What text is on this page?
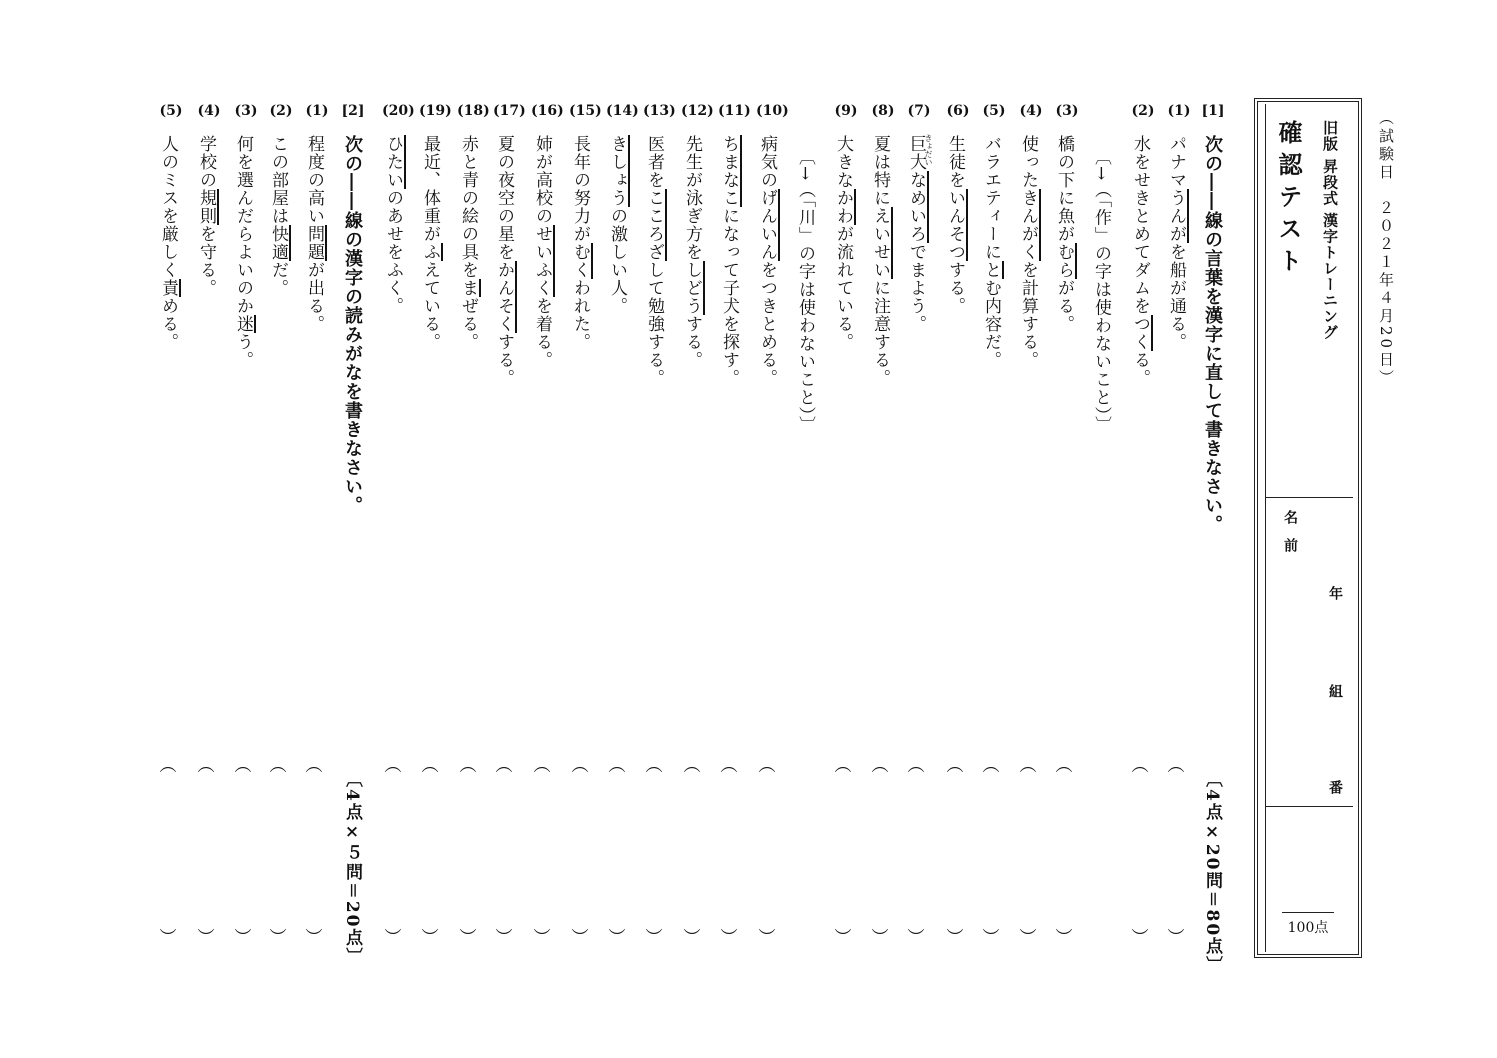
（試験日　２０２１年４月20日）
旧版 昇段式 漢字トレーニング
確認テスト
名前
年
組
番
100点
[1]
次の――線の言葉を漢字に直して書きなさい。
〔4点×20問＝80点〕
(1)
パナマうんがを船が通る。
︵
︶
(2)
水をせきとめてダムをつくる。
︵
︶
〔→（「作」の字は使わないこと）〕
(3)
橋の下に魚がむらがる。
︵
︶
(4)
使ったきんがくを計算する。
︵
︶
(5)
バラエティーにとむ内容だ。
︵
︶
(6)
生徒をいんそつする。
︵
︶
(7)
巨大なめいろでまよう。
きょだい
︵
︶
(8)
夏は特にえいせいに注意する。
︵
︶
(9)
大きなかわが流れている。
︵
︶
〔→（「川」の字は使わないこと）〕
(10)
病気のげんいんをつきとめる。
︵
︶
(11)
ちまなこになって子犬を探す。
︵
︶
(12)
先生が泳ぎ方をしどうする。
︵
︶
(13)
医者をこころざして勉強する。
︵
︶
(14)
きしょうの激しい人。
︵
︶
(15)
長年の努力がむくわれた。
︵
︶
(16)
姉が高校のせいふくを着る。
︵
︶
(17)
夏の夜空の星をかんそくする。
︵
︶
(18)
赤と青の絵の具をまぜる。
︵
︶
(19)
最近、体重がふえている。
︵
︶
(20)
ひたいのあせをふく。
︵
︶
[2]
次の――線の漢字の読みがなを書きなさい。
〔4点×５問＝20点〕
(1)
程度の高い問題が出る。
︵
︶
(2)
この部屋は快適だ。
︵
︶
(3)
何を選んだらよいのか迷う。
︵
︶
(4)
学校の規則を守る。
︵
︶
(5)
人のミスを厳しく責める。
︵
︶
